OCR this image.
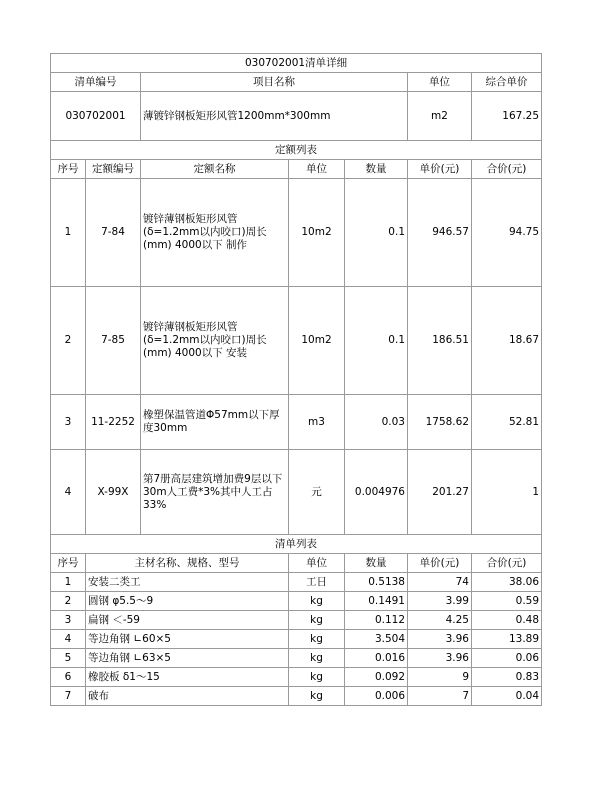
030702001清单详细						
清单编号		项目名称			单位	综合单价
030702001		薄镀锌钢板矩形风管1200mm*300mm			m2	167.25
定额列表						
序号	定额编号	定额名称	单位	数量	单价(元)	合价(元)
1	7-84	镀锌薄钢板矩形风管(δ=1.2mm以内咬口)周长(mm) 4000以下 制作	10m2	0.1	946.57	94.75
2	7-85	镀锌薄钢板矩形风管(δ=1.2mm以内咬口)周长(mm) 4000以下 安装	10m2	0.1	186.51	18.67
3	11-2252	橡塑保温管道Φ57mm以下厚度30mm	m3	0.03	1758.62	52.81
4	X-99X	第7册高层建筑增加费9层以下30m人工费*3%其中人工占33%	元	0.004976	201.27	1
清单列表						
序号	主材名称、规格、型号		单位	数量	单价(元)	合价(元)
1	安装二类工		工日	0.5138	74	38.06
2	圆钢 φ5.5～9		kg	0.1491	3.99	0.59
3	扁钢 ＜-59		kg	0.112	4.25	0.48
4	等边角钢 ∟60×5		kg	3.504	3.96	13.89
5	等边角钢 ∟63×5		kg	0.016	3.96	0.06
6	橡胶板 δ1～15		kg	0.092	9	0.83
7	破布		kg	0.006	7	0.04
